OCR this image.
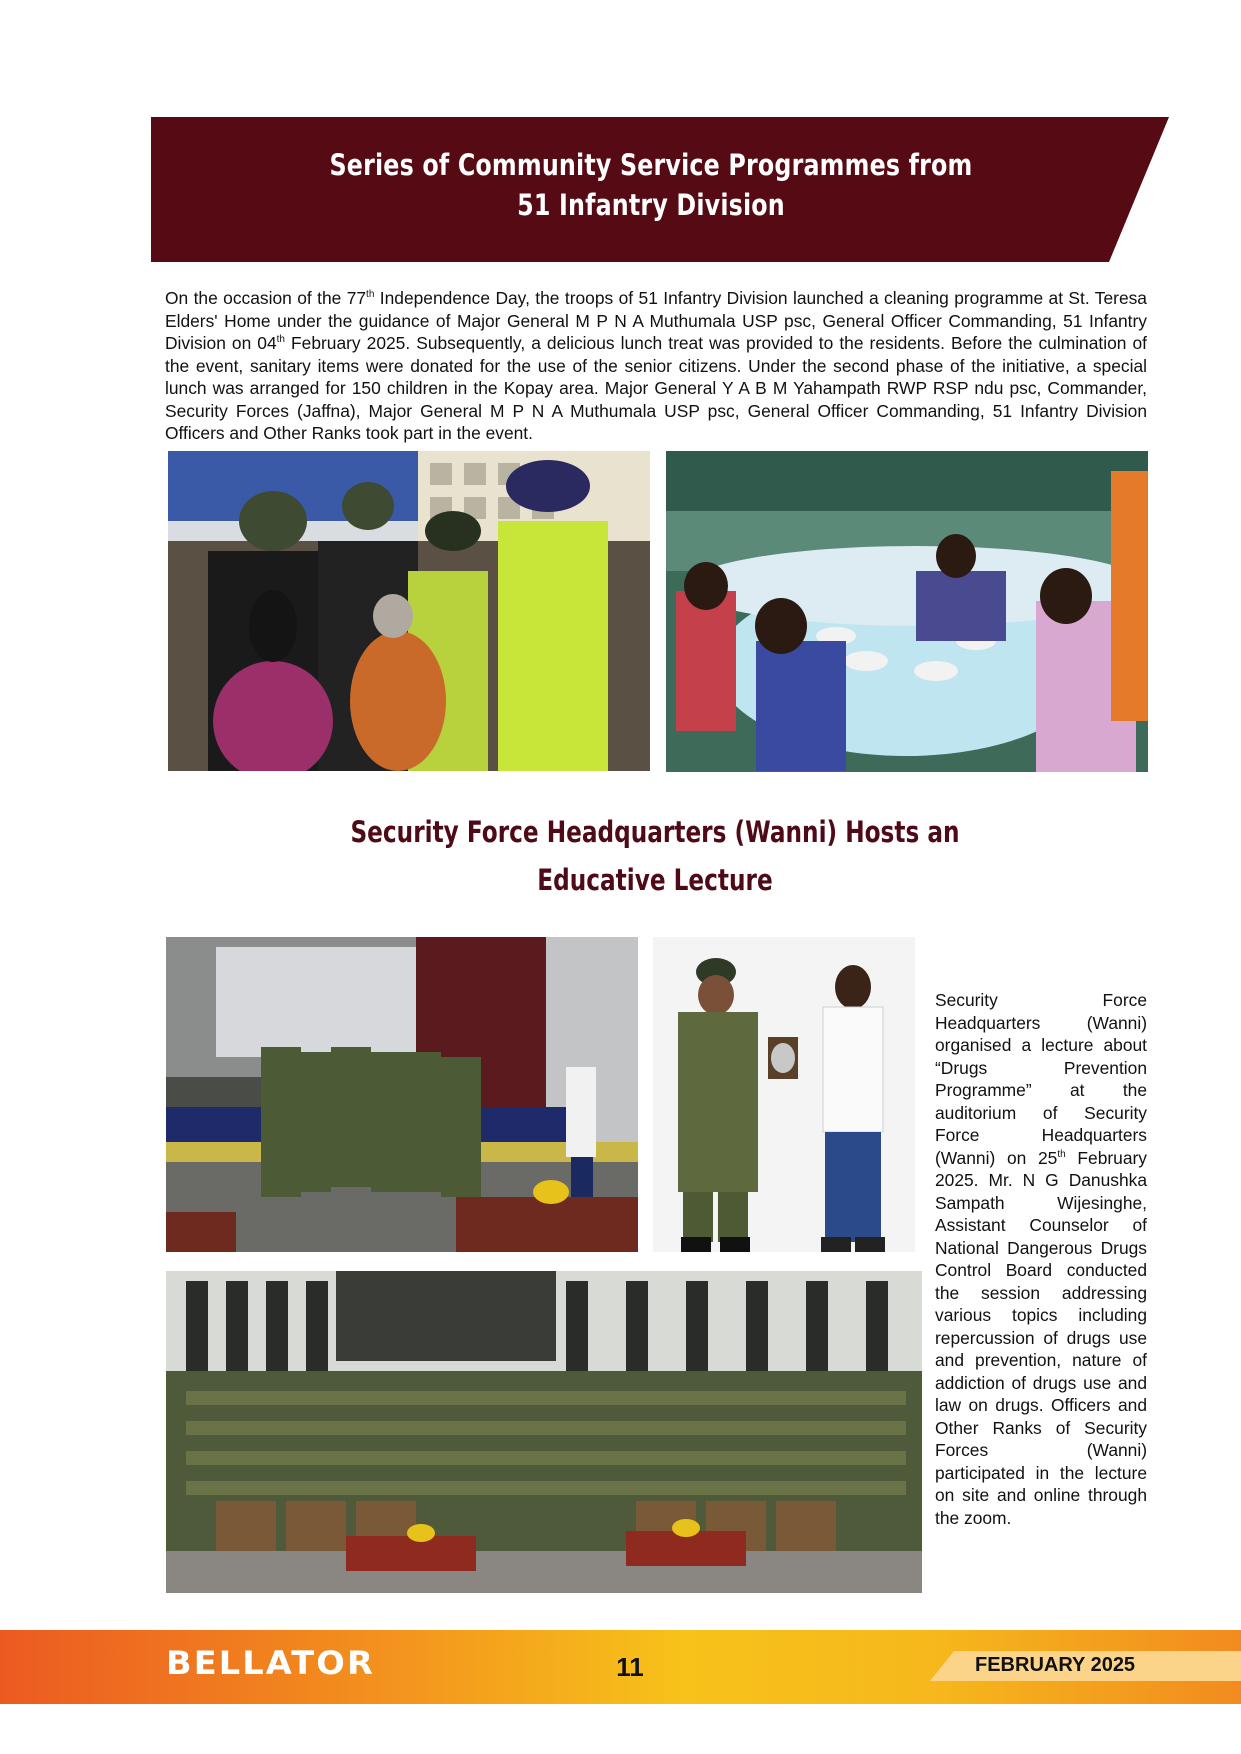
Series of Community Service Programmes from
51 Infantry Division

On the occasion of the 77th Independence Day, the troops of 51 Infantry Division launched a cleaning programme at St. Teresa Elders' Home under the guidance of Major General M P N A Muthumala USP psc, General Officer Commanding, 51 Infantry Division on 04th February 2025. Subsequently, a delicious lunch treat was provided to the residents. Before the culmination of the event, sanitary items were donated for the use of the senior citizens. Under the second phase of the initiative, a special lunch was arranged for 150 children in the Kopay area. Major General Y A B M Yahampath RWP RSP ndu psc, Commander, Security Forces (Jaffna), Major General M P N A Muthumala USP psc, General Officer Commanding, 51 Infantry Division Officers and Other Ranks took part in the event.

Security Force Headquarters (Wanni) Hosts an
Educative Lecture

Security Force Headquarters (Wanni) organised a lecture about “Drugs Prevention Programme” at the auditorium of Security Force Headquarters (Wanni) on 25th February 2025. Mr. N G Danushka Sampath Wijesinghe, Assistant Counselor of National Dangerous Drugs Control Board conducted the session addressing various topics including repercussion of drugs use and prevention, nature of addiction of drugs use and law on drugs. Officers and Other Ranks of Security Forces (Wanni) participated in the lecture on site and online through the zoom.

BELLATOR	11	FEBRUARY 2025
